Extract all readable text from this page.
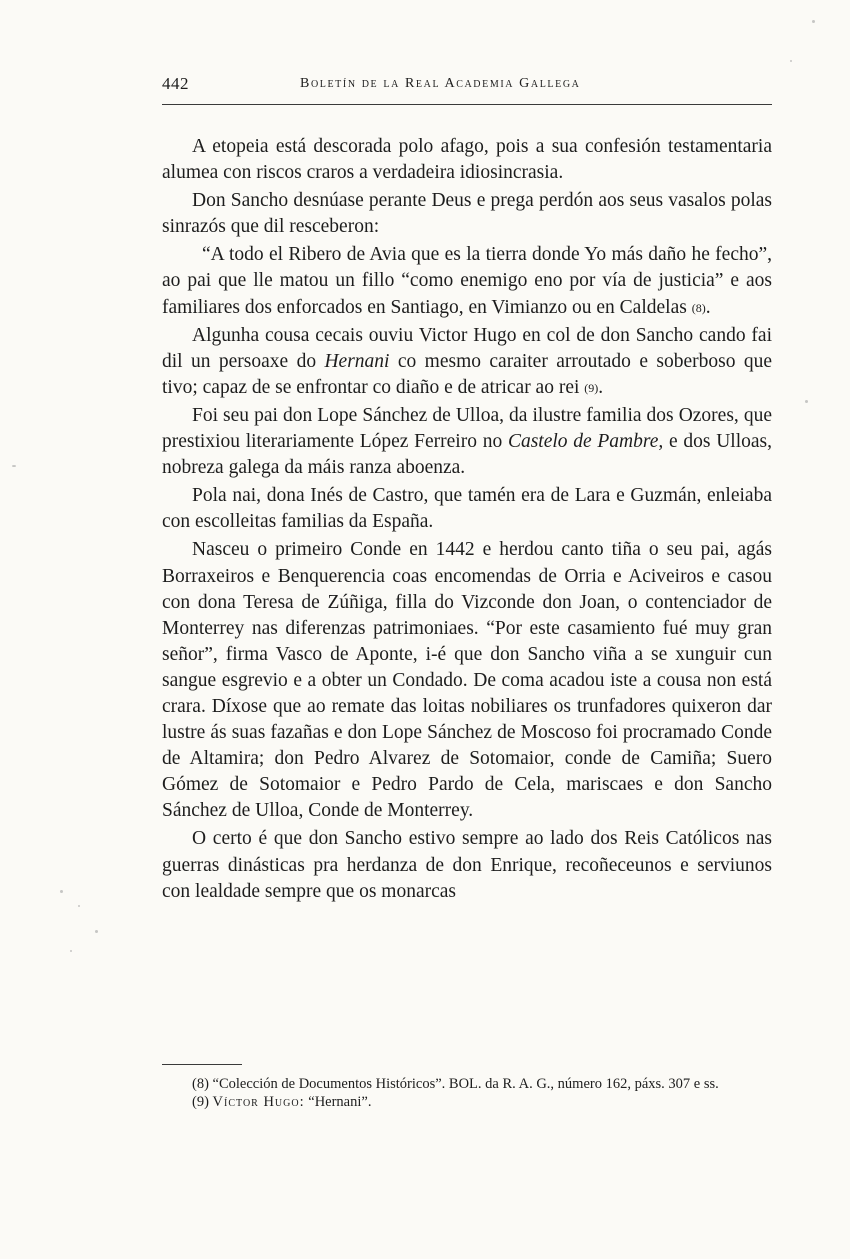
442	Boletín de la Real Academia Gallega

A etopeia está descorada polo afago, pois a sua confesión testamentaria alumea con riscos craros a verdadeira idiosincrasia.

Don Sancho desnúase perante Deus e prega perdón aos seus vasalos polas sinrazós que dil resceberon:

“A todo el Ribero de Avia que es la tierra donde Yo más daño he fecho”, ao pai que lle matou un fillo “como enemigo eno por vía de justicia” e aos familiares dos enforcados en Santiago, en Vimianzo ou en Caldelas (8).

Algunha cousa cecais ouviu Victor Hugo en col de don Sancho cando fai dil un persoaxe do Hernani co mesmo caraiter arroutado e soberboso que tivo; capaz de se enfrontar co diaño e de atricar ao rei (9).

Foi seu pai don Lope Sánchez de Ulloa, da ilustre familia dos Ozores, que prestixiou literariamente López Ferreiro no Castelo de Pambre, e dos Ulloas, nobreza galega da máis ranza aboenza.

Pola nai, dona Inés de Castro, que tamén era de Lara e Guzmán, enleiaba con escolleitas familias da España.

Nasceu o primeiro Conde en 1442 e herdou canto tiña o seu pai, agás Borraxeiros e Benquerencia coas encomendas de Orria e Aciveiros e casou con dona Teresa de Zúñiga, filla do Vizconde don Joan, o contenciador de Monterrey nas diferenzas patrimoniaes. “Por este casamiento fué muy gran señor”, firma Vasco de Aponte, i-é que don Sancho viña a se xunguir cun sangue esgrevio e a obter un Condado. De coma acadou iste a cousa non está crara. Díxose que ao remate das loitas nobiliares os trunfadores quixeron dar lustre ás suas fazañas e don Lope Sánchez de Moscoso foi procramado Conde de Altamira; don Pedro Alvarez de Sotomaior, conde de Camiña; Suero Gómez de Sotomaior e Pedro Pardo de Cela, mariscaes e don Sancho Sánchez de Ulloa, Conde de Monterrey.

O certo é que don Sancho estivo sempre ao lado dos Reis Católicos nas guerras dinásticas pra herdanza de don Enrique, recoñeceunos e serviunos con lealdade sempre que os monarcas

(8) “Colección de Documentos Históricos”. BOL. da R. A. G., número 162, páxs. 307 e ss.

(9) Víctor Hugo: “Hernani”.
